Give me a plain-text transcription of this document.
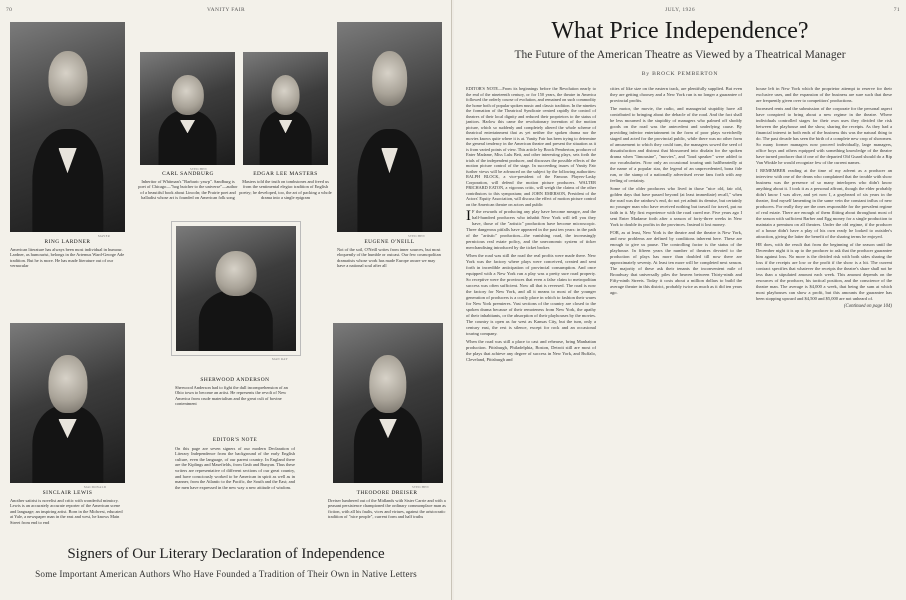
70	VANITY FAIR
STEICHEN
CARL SANDBURG
Inheritor of Whitman's "Barbaric yawp". Sandburg is poet of Chicago—"hog butcher to the universe"—author of a beautiful book about Lincoln; the Prairie poet and balladist whose art is founded on American folk song
EDGAR LEE MASTERS
Masters told the truth on tombstones and freed us from the sentimental elegiac tradition of English poetry; he developed, too, the art of packing a whole drama into a single epigram
MAYER
RING LARDNER
American literature has always been most individual in humour. Lardner, as humourist, belongs in the Artemus Ward-George Ade tradition. But he is more. He has made literature out of our vernacular
STEICHEN
EUGENE O'NEILL
Not of the soil, O'Neill writes from inner sources, but most eloquently of the humble or outcast. Our few cosmopolitan dramatists whose work has made Europe aware we may have a national soul after all
MAN RAY
SHERWOOD ANDERSON
Sherwood Anderson had to fight the dull incomprehension of an Ohio town to become an artist. He represents the revolt of New America from crude materialism and the great cult of bovine contentment
MACDONALD
SINCLAIR LEWIS
Another satirist is novelist and critic with wonderful mimicry. Lewis is an accurately accurate reporter of the American scene and language; an inspiring artist. Born in the Midwest, educated at Yale, a newspaper man in the east and west, he knows Main Street from end to end
STEICHEN
THEODORE DREISER
Dreiser lumbered out of the Midlands with Sister Carrie and with a peasant persistence championed the ordinary commonplace man as fiction, with all his faults, vices and virtues, against the aristocratic tradition of "nice people", current form and half truths
EDITOR'S NOTE
On this page are seven signers of our modern Declaration of Literary Independence from the background of the early English culture, even the language, of our parent country. In England there are the Kiplings and Masefields, from Grub and Bunyan. Thus these writers are representative of different sections of our great country, and have consciously worked to be American in spirit as well as in manner, from the Atlantic to the Pacific, the South and the East; and the men have expressed in the new way a new attitude of wisdom.
Signers of Our Literary Declaration of Independence
Some Important American Authors Who Have Founded a Tradition of Their Own in Native Letters
JULY, 1926	71
What Price Independence?
The Future of the American Theatre as Viewed by a Theatrical Manager
By BROCK PEMBERTON

EDITOR'S NOTE—From its beginnings before the Revolution nearly to the end of the nineteenth century, or for 150 years, the theatre in America followed the orderly course of evolution, and remained on such commodity the home both of popular spoken music and classic tradition. In the nineties the formation of the Theatrical Syndicate centred rapidly the control of theatres of their local dignity and reduced their proprietors to the status of janitors. Harlow this came the revolutionary invention of the motion picture, which so suddenly and completely altered the whole scheme of theatrical entertainment that as yet neither the spoken drama nor the movies knows quite where it is at. Vanity Fair has been trying to determine the general tendency in the American theatre and present the situation as it is from varied points of view. This article by Brock Pemberton, producer of Enter Madame, Miss Lulu Bett, and other interesting plays, sets forth the trials of the independent producer, and discusses the possible effects of the motion picture control of the stage. In succeeding issues of Vanity Fair further views will be advanced on the subject by the following authorities: RALPH BLOCK, a vice-president of the Famous Players-Lasky Corporation, will defend the motion picture producers. WALTER PRICHARD EATON, a vigorous critic, will weigh the claims of the other contributors to this symposium; and JOHN EMERSON, President of the Actors' Equity Association, will discuss the effect of motion picture control on the American theatre on actors and public

I F the rewards of producing any play have become meagre, and the half-hundred producers who inhabit New York will tell you they have, those of the "artistic" production have become microscopic. Three dangerous pitfalls have appeared in the past ten years: in the path of the "artistic" production—the vanishing road, the increasingly pernicious real estate policy, and the uneconomic system of ticker merchandising introduced by the ticket broker.

When the road was still the road the real profits were made there. New York was the factory where plays were conceived, created and sent forth in incredible anticipation of provincial consumption. And once equipped with a New York run a play was a pretty sure road property. So receptive were the provinces that even a false claim to metropolitan success was often sufficient. Now all that is reversed. The road is now the factory for New York, and all it means to most of the younger generation of producers is a costly place in which to fashion their wares for New York premieres. Vast sections of the country are closed to the spoken drama because of their remoteness from New York, the apathy of their inhabitants, or the absorption of their playhouses by the movies. The country is open as far west as Kansas City, but the turn, only a century east, the rest is silence, except for rock and an occasional touring company.

When the road was still a place to cast and rehearse, bring Manhattan production. Pittsburgh, Philadelphia, Boston, Detroit still are most of the plays that achieve any degree of success in New York, and Buffalo, Cleveland, Pittsburgh and

cities of like size on the eastern track, are plentifully supplied. But even they are getting choosey and a New York run is no longer a guarantee of provincial profits.

The motor, the movie, the radio, and managerial stupidity have all contributed to bringing about the debacle of the road. And the fact shall be less mourned is the stupidity of managers who palmed off shoddy goods on the road was the antecedent and underlying cause. By providing inferior entertainment in the form of poor plays wretchedly staged and acted for the provincial public, while there was no other form of amusement to which they could turn, the managers sowed the seed of dissatisfaction and distrust that blossomed into disdain for the spoken drama when "limousine", "movies", and "loud speaker" were added to our vocabularies. Now only an occasional touring unit halfheartedly at the name of a popular star, the legend of an unprecedented, bona fide run, or the stamp of a nationally advertised revue fans forth with any feeling of certainty.

Some of the older producers who lived in those "nice old, fair old, golden days that have passed beyond (at least immediate) recall," when the road was the rainbow's end, do not yet admit its demise, but certainly no younger man who have received nothing but travail for travel, put no faith in it. My first experience with the road cured me. Five years ago I sent Enter Madame forth after a season of forty-three weeks in New York to double its profits in the provinces. Instead it lost money.

FOR, as at least, New York is the theatre and the theatre is New York, and new problems are defined by conditions inherent here. These are enough to give us pause. The controlling factor is the status of the playhouse. In fifteen years the number of theatres devoted to the production of plays has more than doubled till now there are approximately seventy. At least ten more will be completed next season. The majority of these ask their tenants the inconvenient mile of Broadway that universally piles the heaven between Thirty-ninth and Fifty-ninth Streets. Today it costs about a million dollars to build the average theatre in this district, probably twice as much as it did ten years ago.

house left in New York which the proprietor attempt to reserve for their exclusive uses, and the expansion of the business are sure such that these are frequently given over to competitors' productions.

Increased rents and the submission of the corporate for the personal aspect have conspired to bring about a new regime in the theatre. Where individuals controlled stages for their own uses they divided the risk between the playhouse and the show, sharing the receipts. As they had a financial interest in both ends of the business this was the natural thing to do. The past decade has seen the birth of a complete new crop of showmen. So many former managers now proceed individually, large managers, office boys and others equipped with something knowledge of the theatre have turned producer that if one of the departed Old Guard should do a Rip Van Winkle he would recognize few of the current names.

I REMEMBER reading at the time of my advent as a producer an interview with one of the deans who complained that the trouble with show business was the presence of so many interlopers who didn't know anything about it. I took it as a personal affront, though the elder probably didn't know I was alive, and yet now I, a graybeard of six years in the theatre, find myself lamenting in the same vein the constant influx of new producers. For really they are the ones responsible for the prevalent regime of real estate. There are enough of them flitting about throughout most of the season with sufficient Barber and Egg money for a single production to maintain a premium on all theatres. Under the old regime, if the producer of a house didn't have a play of his own ready he looked to outsider's attraction, giving the latter the benefit of the sharing terms he enjoyed.

HE does, with the result that from the beginning of the season until the December night it is up to the producer to ask that the producer guarantee him against loss. No more is the divided risk with both sides sharing the loss if the receipts are low or the profit if the show is a hit. The current contract specifies that whatever the receipts the theatre's share shall not be less than a stipulated amount each week. This amount depends on the resources of the producer, his tactical position, and the conscience of the theatre man. The average is $4,000 a week, that being the sum at which most playhouses can show a profit, but this amounts the guarantee has been stopping upward and $4,500 and $5,000 are not unheard of.

(Continued on page 104)
